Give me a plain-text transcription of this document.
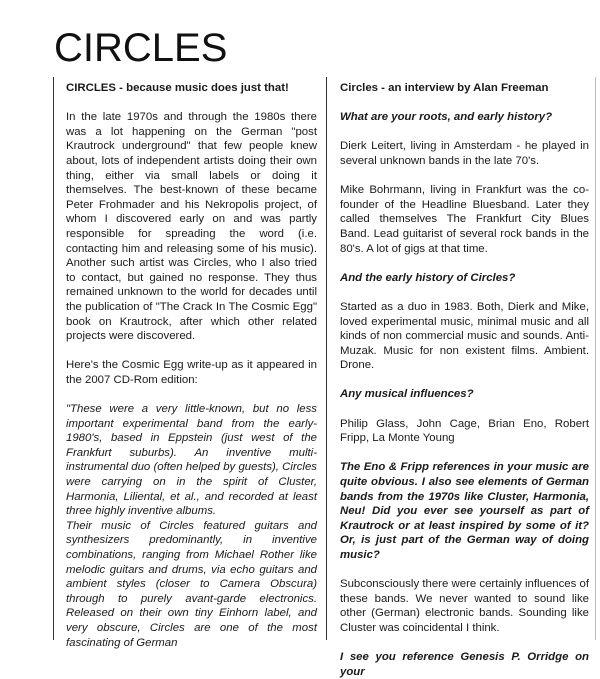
CIRCLES

CIRCLES - because music does just that!

In the late 1970s and through the 1980s there was a lot happening on the German "post Krautrock underground" that few people knew about, lots of independent artists doing their own thing, either via small labels or doing it themselves. The best-known of these became Peter Frohmader and his Nekropolis project, of whom I discovered early on and was partly responsible for spreading the word (i.e. contacting him and releasing some of his music). Another such artist was Circles, who I also tried to contact, but gained no response. They thus remained unknown to the world for decades until the publication of "The Crack In The Cosmic Egg" book on Krautrock, after which other related projects were discovered.

Here's the Cosmic Egg write-up as it appeared in the 2007 CD-Rom edition:

"These were a very little-known, but no less important experimental band from the early-1980's, based in Eppstein (just west of the Frankfurt suburbs). An inventive multi-instrumental duo (often helped by guests), Circles were carrying on in the spirit of Cluster, Harmonia, Liliental, et al., and recorded at least three highly inventive albums.

Their music of Circles featured guitars and synthesizers predominantly, in inventive combinations, ranging from Michael Rother like melodic guitars and drums, via echo guitars and ambient styles (closer to Camera Obscura) through to purely avant-garde electronics. Released on their own tiny Einhorn label, and very obscure, Circles are one of the most fascinating of German

Circles - an interview by Alan Freeman

What are your roots, and early history?

Dierk Leitert, living in Amsterdam - he played in several unknown bands in the late 70's.

Mike Bohrmann, living in Frankfurt was the co-founder of the Headline Bluesband. Later they called themselves The Frankfurt City Blues Band. Lead guitarist of several rock bands in the 80's. A lot of gigs at that time.

And the early history of Circles?

Started as a duo in 1983. Both, Dierk and Mike, loved experimental music, minimal music and all kinds of non commercial music and sounds. Anti-Muzak. Music for non existent films. Ambient. Drone.

Any musical influences?

Philip Glass, John Cage, Brian Eno, Robert Fripp, La Monte Young

The Eno & Fripp references in your music are quite obvious. I also see elements of German bands from the 1970s like Cluster, Harmonia, Neu! Did you ever see yourself as part of Krautrock or at least inspired by some of it? Or, is just part of the German way of doing music?

Subconsciously there were certainly influences of these bands. We never wanted to sound like other (German) electronic bands. Sounding like Cluster was coincidental I think.

I see you reference Genesis P. Orridge on your
